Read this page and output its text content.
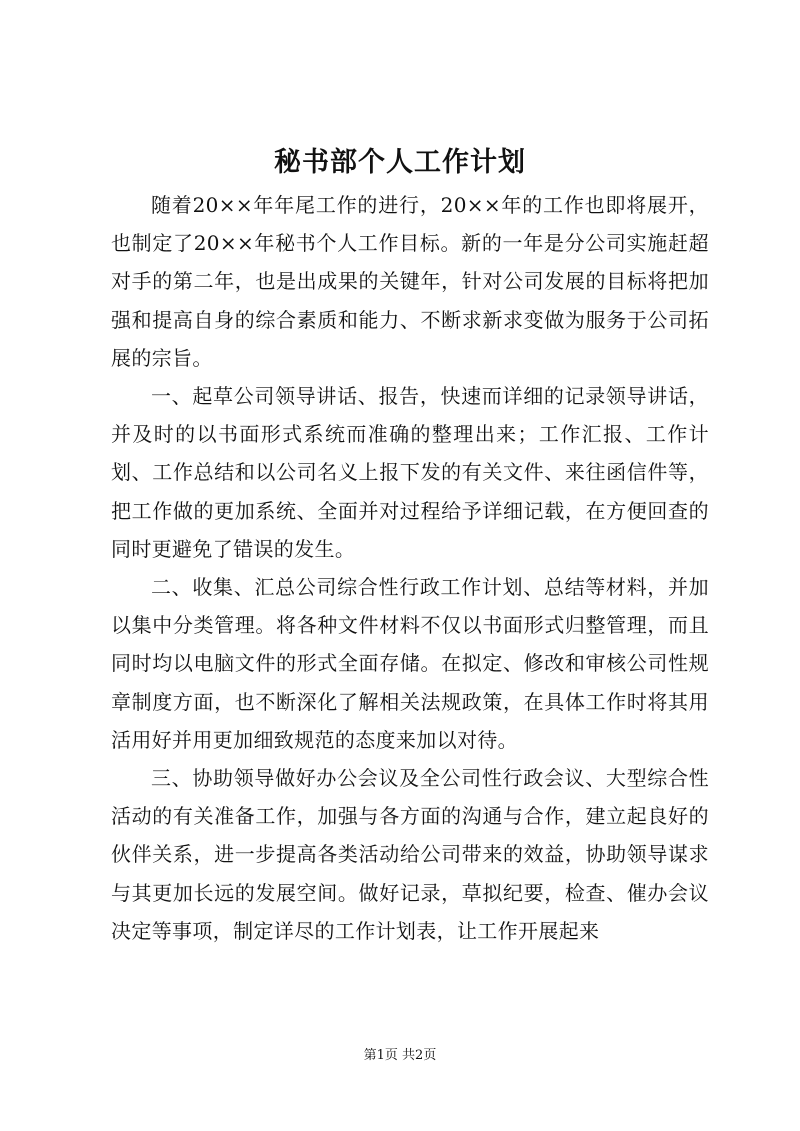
秘书部个人工作计划

随着20××年年尾工作的进行，20××年的工作也即将展开，也制定了20××年秘书个人工作目标。新的一年是分公司实施赶超对手的第二年，也是出成果的关键年，针对公司发展的目标将把加强和提高自身的综合素质和能力、不断求新求变做为服务于公司拓展的宗旨。

一、起草公司领导讲话、报告，快速而详细的记录领导讲话，并及时的以书面形式系统而准确的整理出来；工作汇报、工作计划、工作总结和以公司名义上报下发的有关文件、来往函信件等，把工作做的更加系统、全面并对过程给予详细记载，在方便回查的同时更避免了错误的发生。

二、收集、汇总公司综合性行政工作计划、总结等材料，并加以集中分类管理。将各种文件材料不仅以书面形式归整管理，而且同时均以电脑文件的形式全面存储。在拟定、修改和审核公司性规章制度方面，也不断深化了解相关法规政策，在具体工作时将其用活用好并用更加细致规范的态度来加以对待。

三、协助领导做好办公会议及全公司性行政会议、大型综合性活动的有关准备工作，加强与各方面的沟通与合作，建立起良好的伙伴关系，进一步提高各类活动给公司带来的效益，协助领导谋求与其更加长远的发展空间。做好记录，草拟纪要，检查、催办会议决定等事项，制定详尽的工作计划表，让工作开展起来

第1页 共2页
